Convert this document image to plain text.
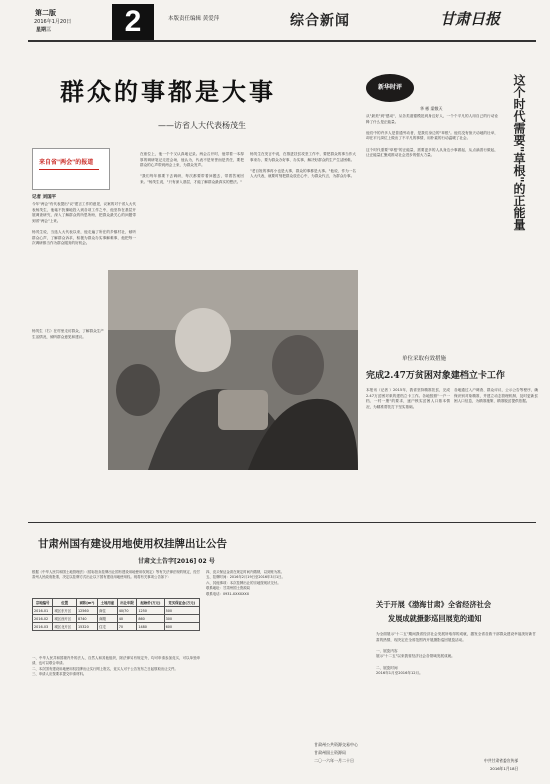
第二版
2016年1月20日
星期三	2	本版责任编辑 黄爱萍	综合新闻	甘肃日报
群众的事都是大事
——访省人大代表杨茂生
来自省"两会"的报道
记者 刘国平
今年"两会"有代表提出"议"建言工作的意见，议案的对于省人大代表杨茂生，他毫不犹豫地投入到各项工作之中，他坚持在基层开展调查研究，深入了解群众的所思所盼，把群众最关心的问题带到省"两会"上来。

杨茂生说，当选人大代表以来，他走遍了所在的乡镇村社，倾听群众心声，了解群众诉求，积极为群众办实事解难事，他把每一次调研都当作为群众服务的好机会。
在座位上，他一个个又认真地记录。两会召开时，他带着一本厚厚的调研笔记走进会场，他认为，代表不是荣誉而是责任，要把群众的心声带到两会上来，为群众发声。

"我们每年都要下去调研，每次都要带着问题去，带着答案回来。"杨茂生说，"只有深入基层，才能了解群众最真实的想法。"
杨茂生在发言中说，在推进扶贫攻坚工作中，要把群众的事当作大事来办，要为群众办好事、办实事，解决好群众的生产生活困难。

"老百姓的事再小也是大事，群众的事都是大事。"他说，作为一名人大代表，就要时刻把群众放在心中，为群众代言，为群众办事。
杨茂生（右）在村里走访群众，了解群众生产生活情况，倾听群众意见和建议。
新华时评
华 彬 梁敬天
从"最美"到"感动"，从各类道德模范到身边好人，一个个平凡的人用自己的行动诠释了什么是正能量。

他们中的许多人是普通劳动者，是我们身边的"草根"。他们没有惊天动地的壮举，却在平凡岗位上做出了不平凡的事情，用朴素的行动温暖了社会。

这个时代需要"草根"的正能量，需要更多的人从身边小事做起，从点滴善行做起，让正能量汇聚成推动社会进步的强大力量。	这个时代需要"草根"的正能量
单位采取有效措施
完成2.47万贫困对象建档立卡工作
本报讯（记者 ）2015年，我省坚持精准扶贫，完成2.47万贫困对象的建档立卡工作。各地按照"一户一档、一村一册"的要求，逐户核实贫困人口基本情况，为精准帮扶打下坚实基础。
各地通过入户调查、群众评议、公示公告等程序，确保识别对象精准，并建立动态管理机制，及时更新贫困人口信息，为精准施策、精准脱贫提供依据。
甘肃州国有建设用地使用权挂牌出让公告
甘肃文土告字[2016] 02 号
根据《中华人民共和国土地管理法》《招标拍卖挂牌出让国有建设用地使用权规定》等有关法律法规的规定，经甘肃州人民政府批准，决定以挂牌方式出让以下国有建设用地使用权。现将有关事项公告如下：
宗地编号	位置	面积(m²)	土地用途	出让年限	起始价(万元)	竞买保证金(万元)
2016-01	城区东片区	12560	商住	40/70	1250	500
2016-02	城区西片区	8740	商服	40	860	300
2016-03	城区北片区	15320	住宅	70	1480	600
一、中华人民共和国境内外的法人、自然人和其他组织，除法律另有规定外，均可申请参加竞买，可以单独申请，也可以联合申请。
二、本次国有建设用地使用权挂牌出让实行网上报名，竞买人可于公告发布之日起领取出让文件。
三、申请人应按要求提交申请材料。
四、竞买保证金须在规定时间内缴纳，以到账为准。
五、挂牌时间：2016年2月19日至2016年3月1日。
六、其他事项：本次挂牌出让的宗地按现状交付。
联系地址：甘肃州国土资源局
联系电话：0931-XXXXXXX
甘肃州公共资源交易中心
甘肃州国土资源局
二〇一六年一月二十日
关于开展《渤海甘肃》全省经济社会
发展成就摄影巡回展览的通知
为全面展示"十二五"期间我省经济社会发展所取得的成就，激发全省各族干部群众建设幸福美好新甘肃的热情，现决定在全省范围内开展摄影巡回展览活动。

一、展览内容
展示"十二五"以来我省经济社会各领域发展成就。

二、展览时间
2016年1月至2016年12月。
中共甘肃省委宣传部
2016年1月18日
